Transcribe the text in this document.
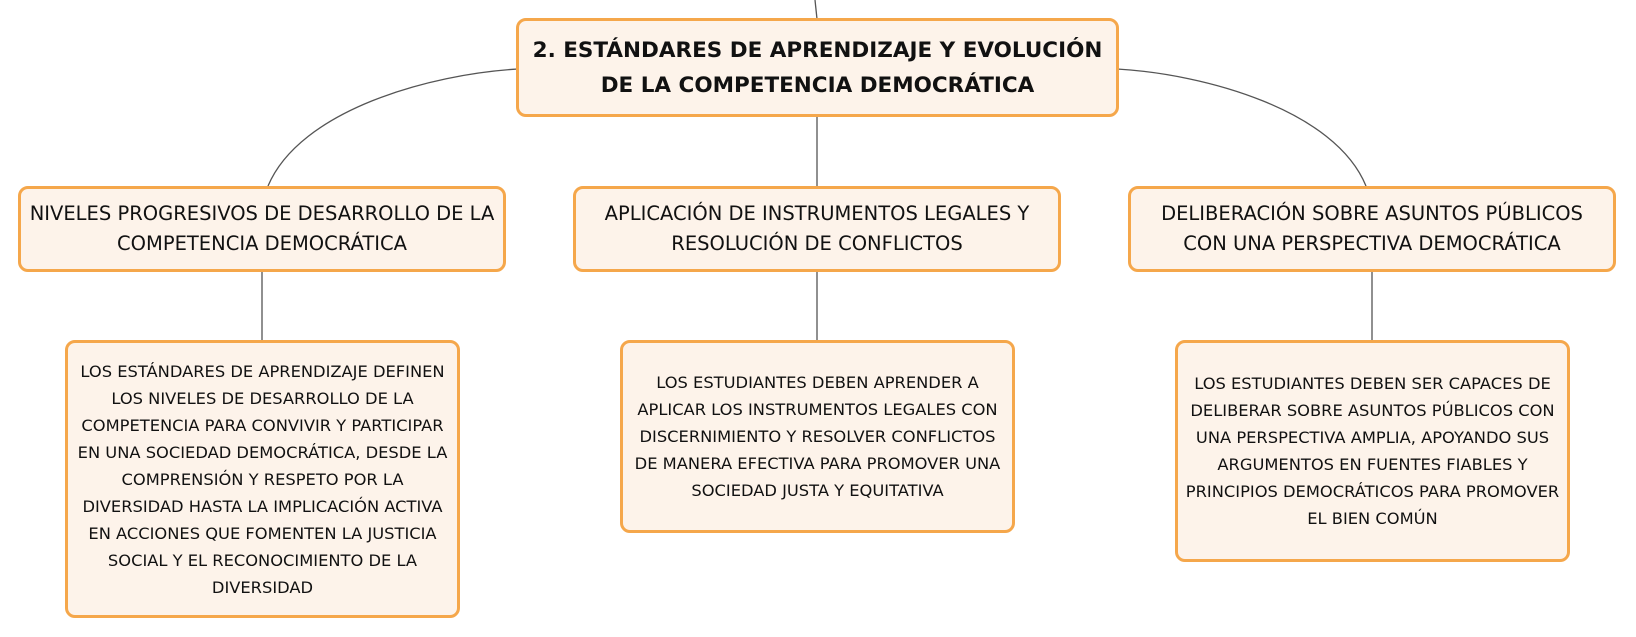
2. ESTÁNDARES DE APRENDIZAJE Y EVOLUCIÓN DE LA COMPETENCIA DEMOCRÁTICA
NIVELES PROGRESIVOS DE DESARROLLO DE LA COMPETENCIA DEMOCRÁTICA
APLICACIÓN DE INSTRUMENTOS LEGALES Y RESOLUCIÓN DE CONFLICTOS
DELIBERACIÓN SOBRE ASUNTOS PÚBLICOS CON UNA PERSPECTIVA DEMOCRÁTICA
LOS ESTÁNDARES DE APRENDIZAJE DEFINEN LOS NIVELES DE DESARROLLO DE LA COMPETENCIA PARA CONVIVIR Y PARTICIPAR EN UNA SOCIEDAD DEMOCRÁTICA, DESDE LA COMPRENSIÓN Y RESPETO POR LA DIVERSIDAD HASTA LA IMPLICACIÓN ACTIVA EN ACCIONES QUE FOMENTEN LA JUSTICIA SOCIAL Y EL RECONOCIMIENTO DE LA DIVERSIDAD
LOS ESTUDIANTES DEBEN APRENDER A APLICAR LOS INSTRUMENTOS LEGALES CON DISCERNIMIENTO Y RESOLVER CONFLICTOS DE MANERA EFECTIVA PARA PROMOVER UNA SOCIEDAD JUSTA Y EQUITATIVA
LOS ESTUDIANTES DEBEN SER CAPACES DE DELIBERAR SOBRE ASUNTOS PÚBLICOS CON UNA PERSPECTIVA AMPLIA, APOYANDO SUS ARGUMENTOS EN FUENTES FIABLES Y PRINCIPIOS DEMOCRÁTICOS PARA PROMOVER EL BIEN COMÚN
